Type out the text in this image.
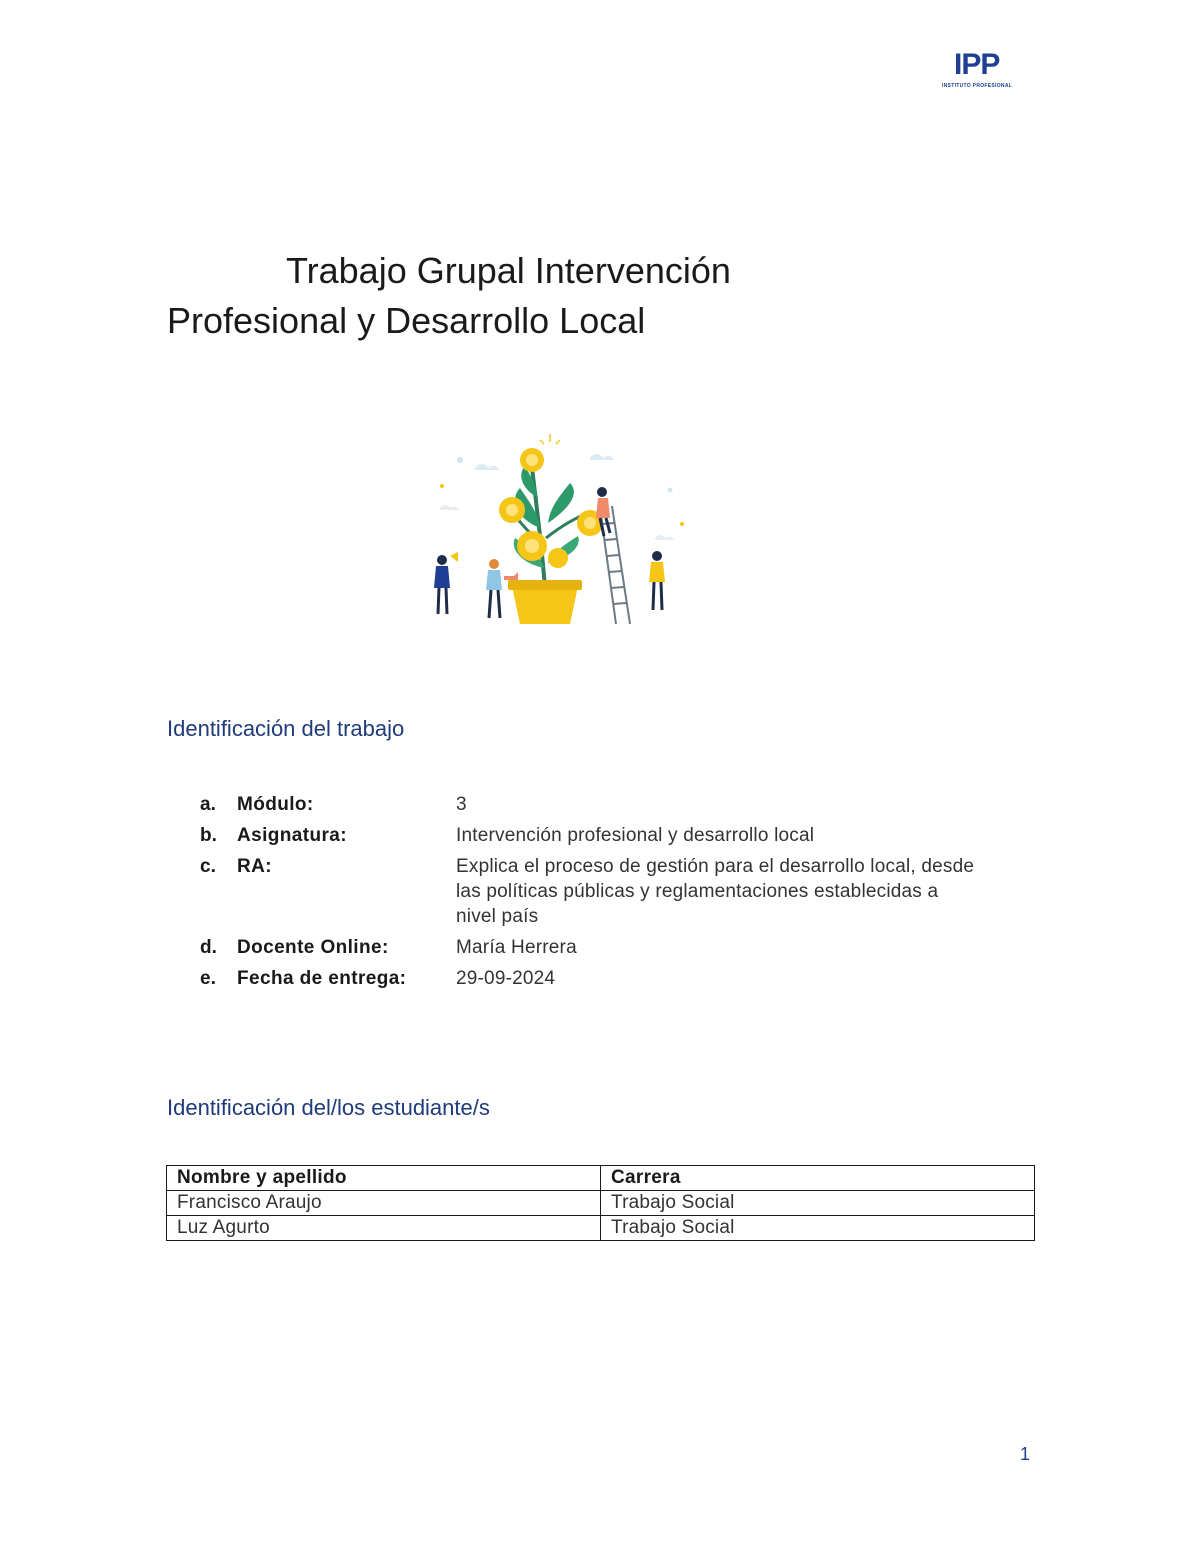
IPP
INSTITUTO PROFESIONAL
Trabajo Grupal Intervención
Profesional y Desarrollo Local
Identificación del trabajo
a.	Módulo:	3
b.	Asignatura:	Intervención profesional y desarrollo local
c.	RA:	Explica el proceso de gestión para el desarrollo local, desde las políticas públicas y reglamentaciones establecidas a nivel país
d.	Docente Online:	María Herrera
e.	Fecha de entrega:	29-09-2024
Identificación del/los estudiante/s
Nombre y apellido	Carrera
Francisco Araujo	Trabajo Social
Luz Agurto	Trabajo Social
1
